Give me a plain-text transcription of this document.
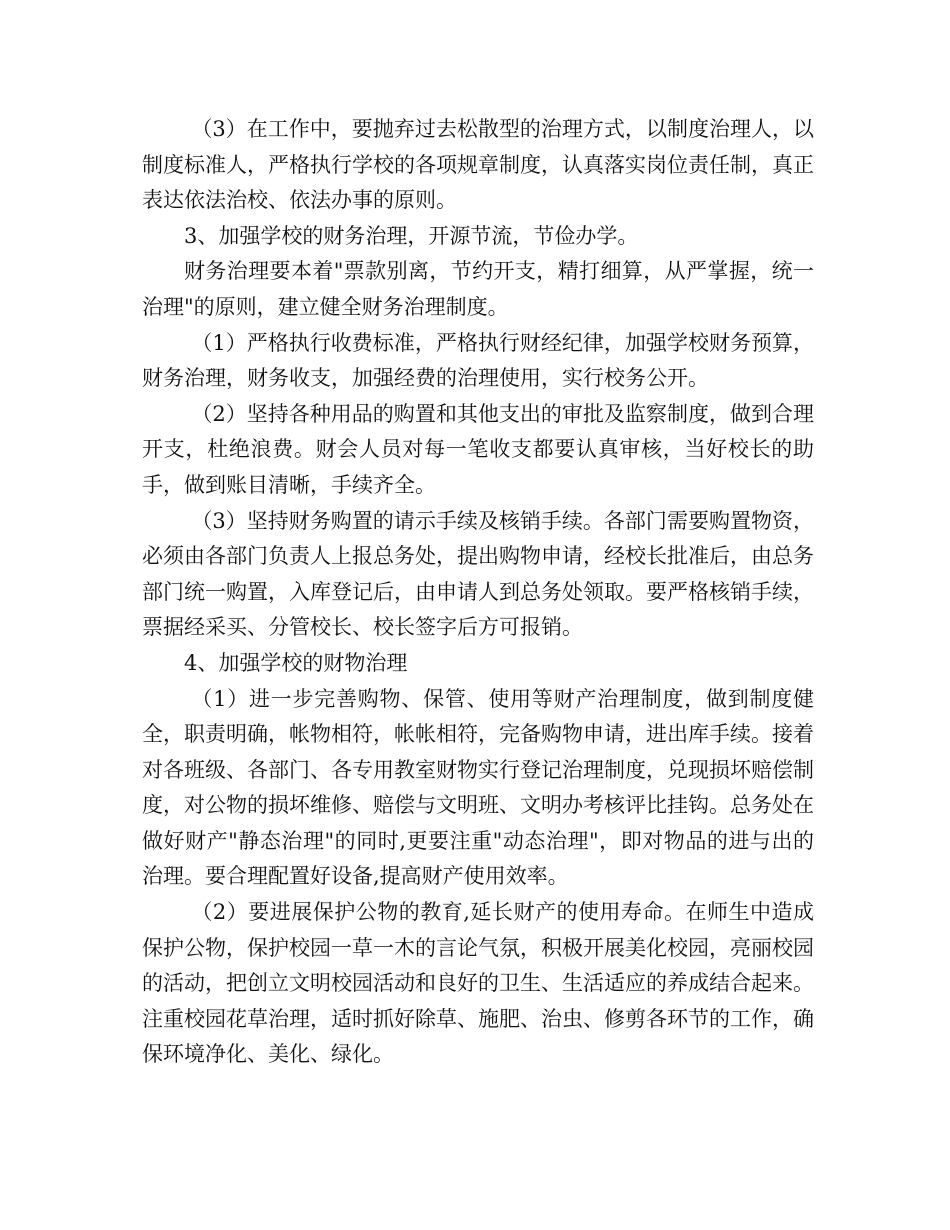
（3）在工作中，要抛弃过去松散型的治理方式，以制度治理人，以制度标准人，严格执行学校的各项规章制度，认真落实岗位责任制，真正表达依法治校、依法办事的原则。

3、加强学校的财务治理，开源节流，节俭办学。

财务治理要本着"票款别离，节约开支，精打细算，从严掌握，统一治理"的原则，建立健全财务治理制度。

（1）严格执行收费标准，严格执行财经纪律，加强学校财务预算，财务治理，财务收支，加强经费的治理使用，实行校务公开。

（2）坚持各种用品的购置和其他支出的审批及监察制度，做到合理开支，杜绝浪费。财会人员对每一笔收支都要认真审核，当好校长的助手，做到账目清晰，手续齐全。

（3）坚持财务购置的请示手续及核销手续。各部门需要购置物资，必须由各部门负责人上报总务处，提出购物申请，经校长批准后，由总务部门统一购置，入库登记后，由申请人到总务处领取。要严格核销手续，票据经采买、分管校长、校长签字后方可报销。

4、加强学校的财物治理

（1）进一步完善购物、保管、使用等财产治理制度，做到制度健全，职责明确，帐物相符，帐帐相符，完备购物申请，进出库手续。接着对各班级、各部门、各专用教室财物实行登记治理制度，兑现损坏赔偿制度，对公物的损坏维修、赔偿与文明班、文明办考核评比挂钩。总务处在做好财产"静态治理"的同时,更要注重"动态治理"，即对物品的进与出的治理。要合理配置好设备,提高财产使用效率。

（2）要进展保护公物的教育,延长财产的使用寿命。在师生中造成保护公物，保护校园一草一木的言论气氛，积极开展美化校园，亮丽校园的活动，把创立文明校园活动和良好的卫生、生活适应的养成结合起来。注重校园花草治理，适时抓好除草、施肥、治虫、修剪各环节的工作，确保环境净化、美化、绿化。
